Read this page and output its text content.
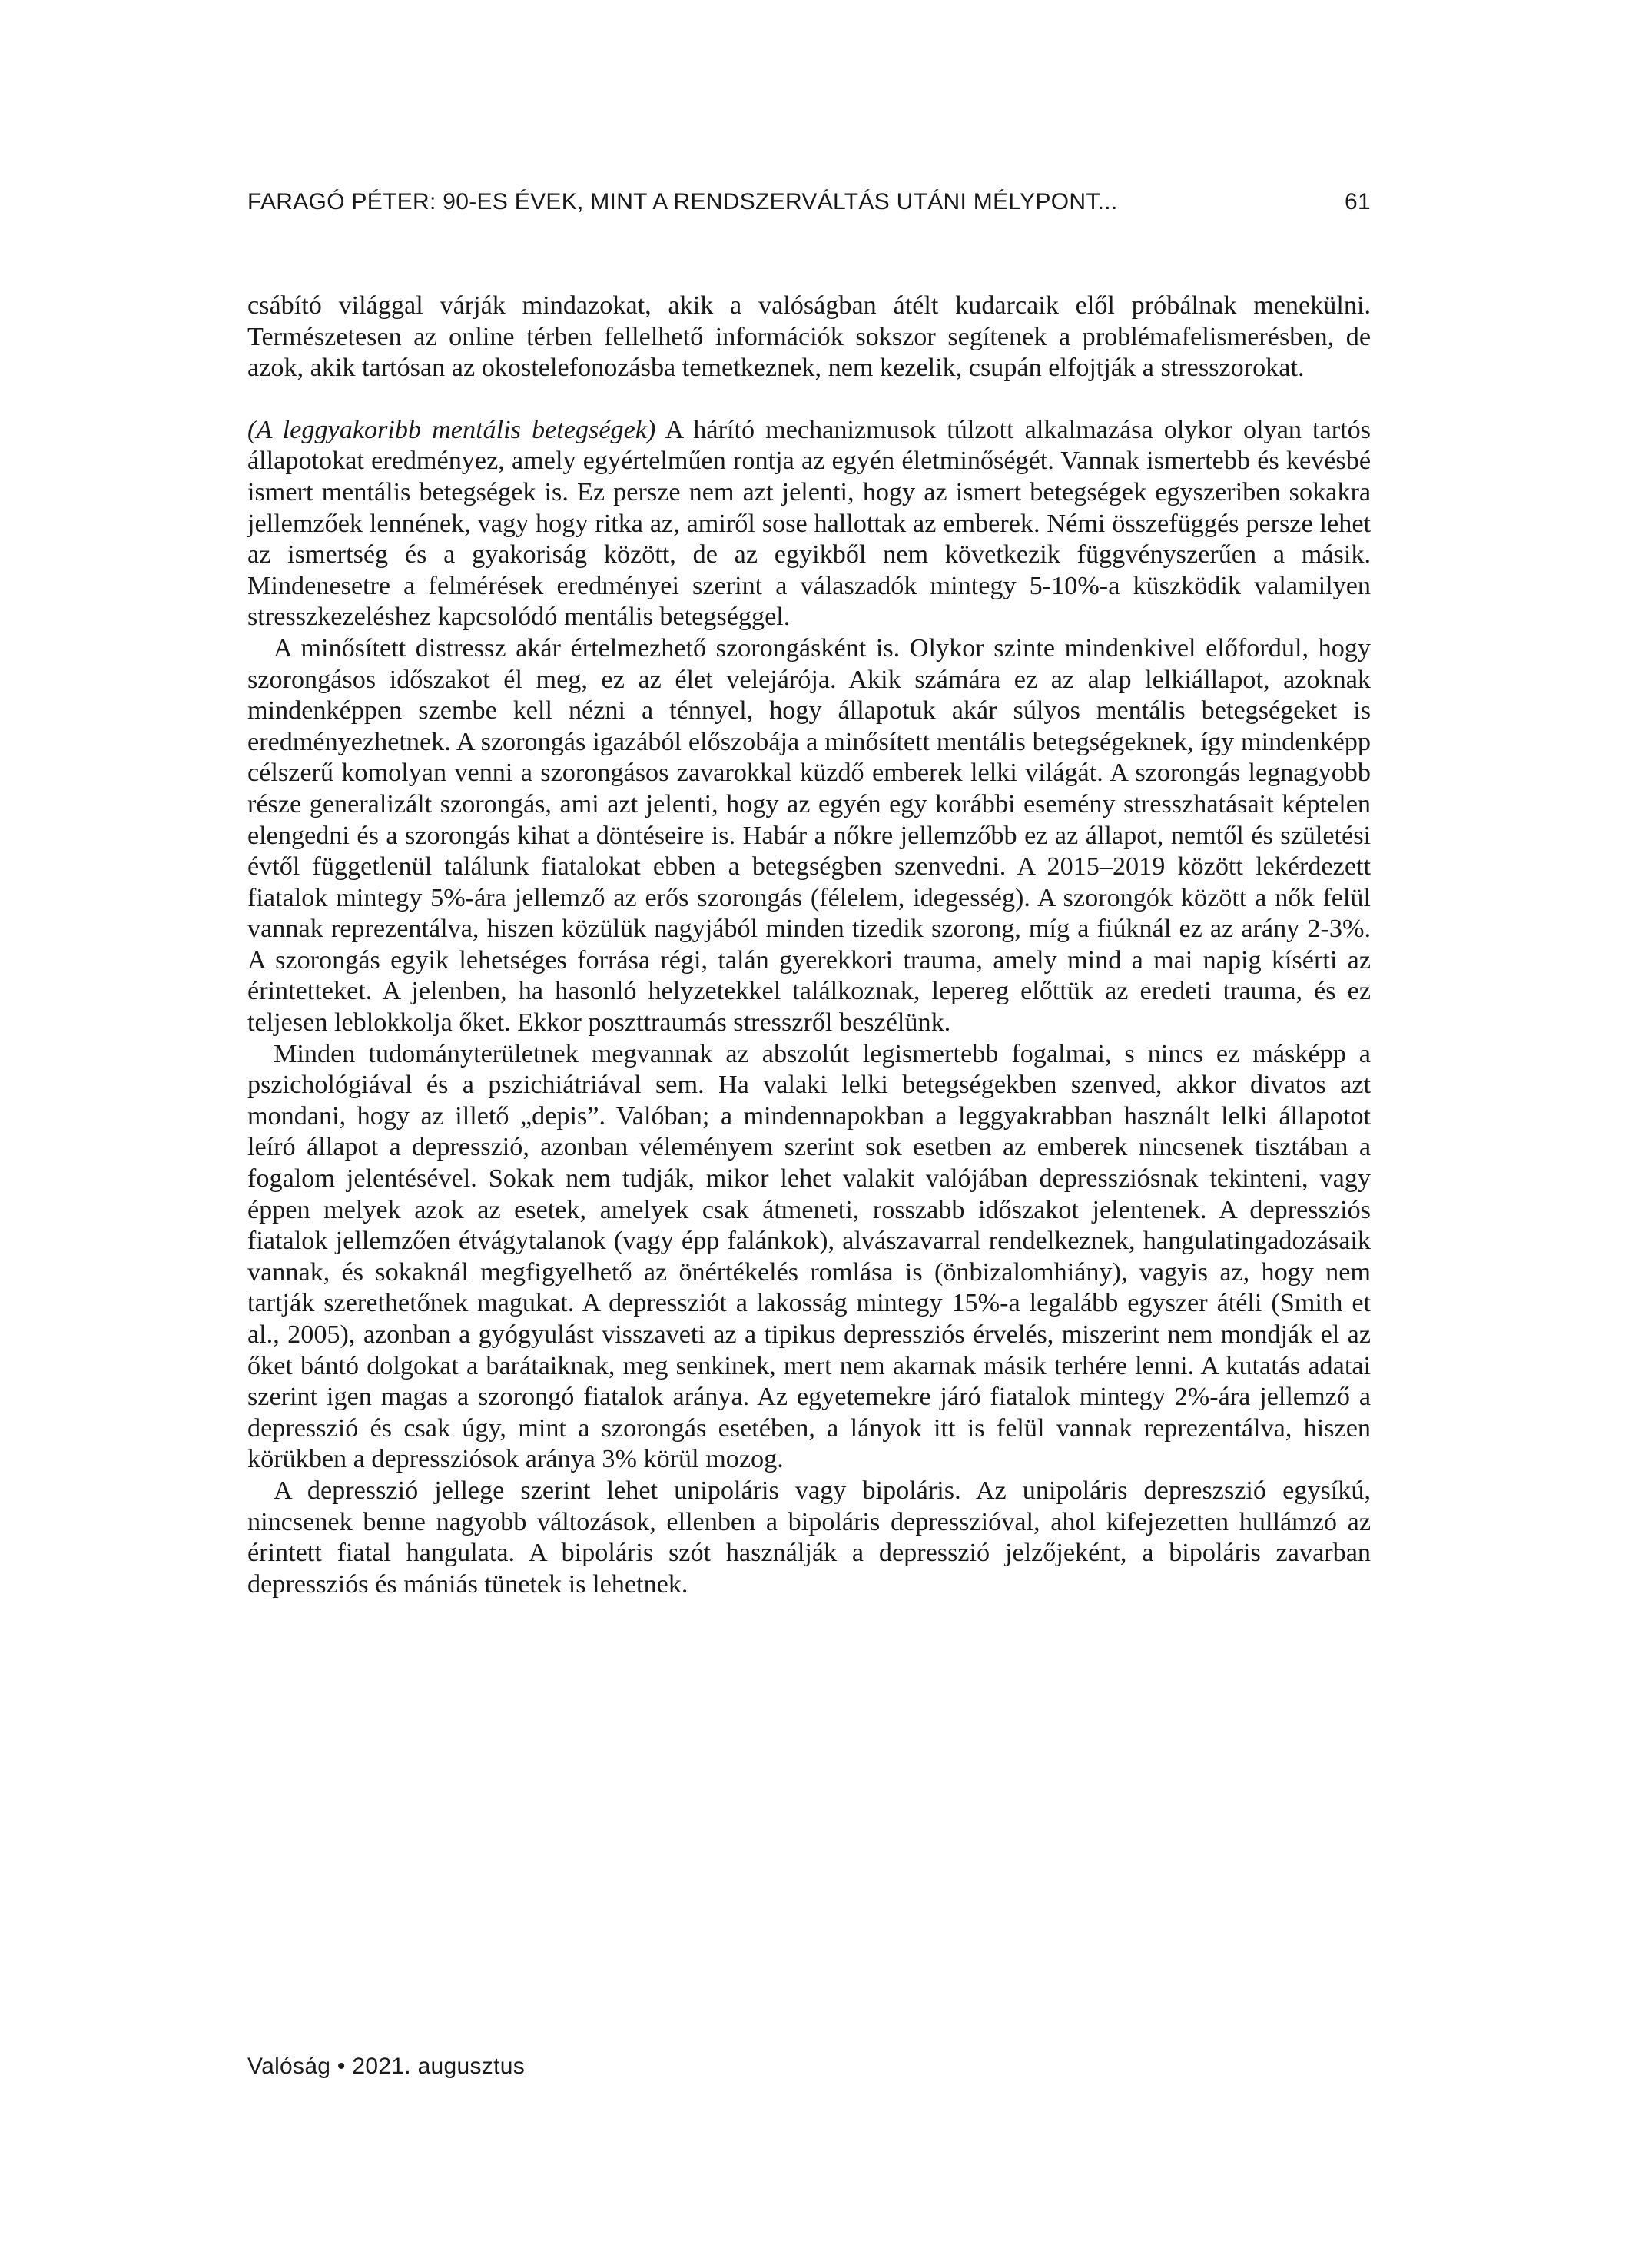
FARAGÓ PÉTER: 90-ES ÉVEK, MINT A RENDSZERVÁLTÁS UTÁNI MÉLYPONT...	61

csábító világgal várják mindazokat, akik a valóságban átélt kudarcaik elől próbálnak menekülni. Természetesen az online térben fellelhető információk sokszor segítenek a problémafelismerésben, de azok, akik tartósan az okostelefonozásba temetkeznek, nem kezelik, csupán elfojtják a stresszorokat.

(A leggyakoribb mentális betegségek) A hárító mechanizmusok túlzott alkalmazása olykor olyan tartós állapotokat eredményez, amely egyértelműen rontja az egyén életminőségét. Vannak ismertebb és kevésbé ismert mentális betegségek is. Ez persze nem azt jelenti, hogy az ismert betegségek egyszeriben sokakra jellemzőek lennének, vagy hogy ritka az, amiről sose hallottak az emberek. Némi összefüggés persze lehet az ismertség és a gyakoriság között, de az egyikből nem következik függvényszerűen a másik. Mindenesetre a felmérések eredményei szerint a válaszadók mintegy 5-10%-a küszködik valamilyen stresszkezeléshez kapcsolódó mentális betegséggel.

A minősített distressz akár értelmezhető szorongásként is. Olykor szinte mindenkivel előfordul, hogy szorongásos időszakot él meg, ez az élet velejárója. Akik számára ez az alap lelkiállapot, azoknak mindenképpen szembe kell nézni a ténnyel, hogy állapotuk akár súlyos mentális betegségeket is eredményezhetnek. A szorongás igazából előszobája a minősített mentális betegségeknek, így mindenképp célszerű komolyan venni a szorongásos zavarokkal küzdő emberek lelki világát. A szorongás legnagyobb része generalizált szorongás, ami azt jelenti, hogy az egyén egy korábbi esemény stresszhatásait képtelen elengedni és a szorongás kihat a döntéseire is. Habár a nőkre jellemzőbb ez az állapot, nemtől és születési évtől függetlenül találunk fiatalokat ebben a betegségben szenvedni. A 2015–2019 között lekérdezett fiatalok mintegy 5%-ára jellemző az erős szorongás (félelem, idegesség). A szorongók között a nők felül vannak reprezentálva, hiszen közülük nagyjából minden tizedik szorong, míg a fiúknál ez az arány 2-3%. A szorongás egyik lehetséges forrása régi, talán gyerekkori trauma, amely mind a mai napig kísérti az érintetteket. A jelenben, ha hasonló helyzetekkel találkoznak, lepereg előttük az eredeti trauma, és ez teljesen leblokkolja őket. Ekkor poszttraumás stresszről beszélünk.

Minden tudományterületnek megvannak az abszolút legismertebb fogalmai, s nincs ez másképp a pszichológiával és a pszichiátriával sem. Ha valaki lelki betegségekben szenved, akkor divatos azt mondani, hogy az illető „depis”. Valóban; a mindennapokban a leggyakrabban használt lelki állapotot leíró állapot a depresszió, azonban véleményem szerint sok esetben az emberek nincsenek tisztában a fogalom jelentésével. Sokak nem tudják, mikor lehet valakit valójában depressziósnak tekinteni, vagy éppen melyek azok az esetek, amelyek csak átmeneti, rosszabb időszakot jelentenek. A depressziós fiatalok jellemzően étvágytalanok (vagy épp falánkok), alvászavarral rendelkeznek, hangulatingadozásaik vannak, és sokaknál megfigyelhető az önértékelés romlása is (önbizalomhiány), vagyis az, hogy nem tartják szerethetőnek magukat. A depressziót a lakosság mintegy 15%-a legalább egyszer átéli (Smith et al., 2005), azonban a gyógyulást visszaveti az a tipikus depressziós érvelés, miszerint nem mondják el az őket bántó dolgokat a barátaiknak, meg senkinek, mert nem akarnak másik terhére lenni. A kutatás adatai szerint igen magas a szorongó fiatalok aránya. Az egyetemekre járó fiatalok mintegy 2%-ára jellemző a depresszió és csak úgy, mint a szorongás esetében, a lányok itt is felül vannak reprezentálva, hiszen körükben a depressziósok aránya 3% körül mozog.

A depresszió jellege szerint lehet unipoláris vagy bipoláris. Az unipoláris depreszszió egysíkú, nincsenek benne nagyobb változások, ellenben a bipoláris depresszióval, ahol kifejezetten hullámzó az érintett fiatal hangulata. A bipoláris szót használják a depresszió jelzőjeként, a bipoláris zavarban depressziós és mániás tünetek is lehetnek.

Valóság • 2021. augusztus
